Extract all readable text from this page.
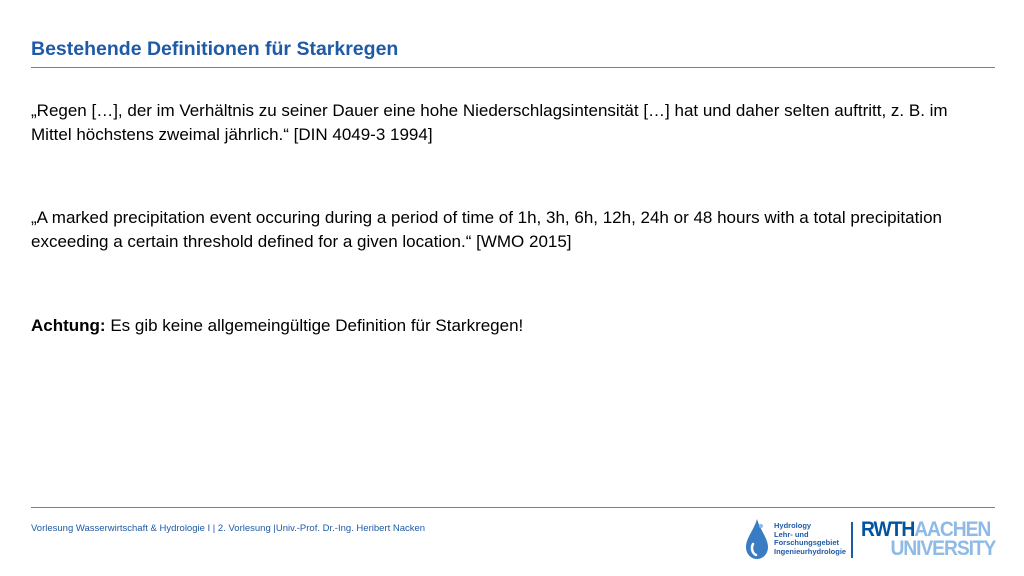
Bestehende Definitionen für Starkregen

„Regen […], der im Verhältnis zu seiner Dauer eine hohe Niederschlagsintensität […] hat und daher selten auftritt, z. B. im Mittel höchstens zweimal jährlich.“ [DIN 4049-3 1994]

„A marked precipitation event occuring during a period of time of 1h, 3h, 6h, 12h, 24h or 48 hours with a total precipitation exceeding a certain threshold defined for a given location.“ [WMO 2015]

Achtung: Es gib keine allgemeingültige Definition für Starkregen!

Vorlesung Wasserwirtschaft & Hydrologie I | 2. Vorlesung |Univ.-Prof. Dr.-Ing. Heribert Nacken	Hydrology
Lehr- und
Forschungsgebiet
Ingenieurhydrologie
RWTHAACHEN
UNIVERSITY
